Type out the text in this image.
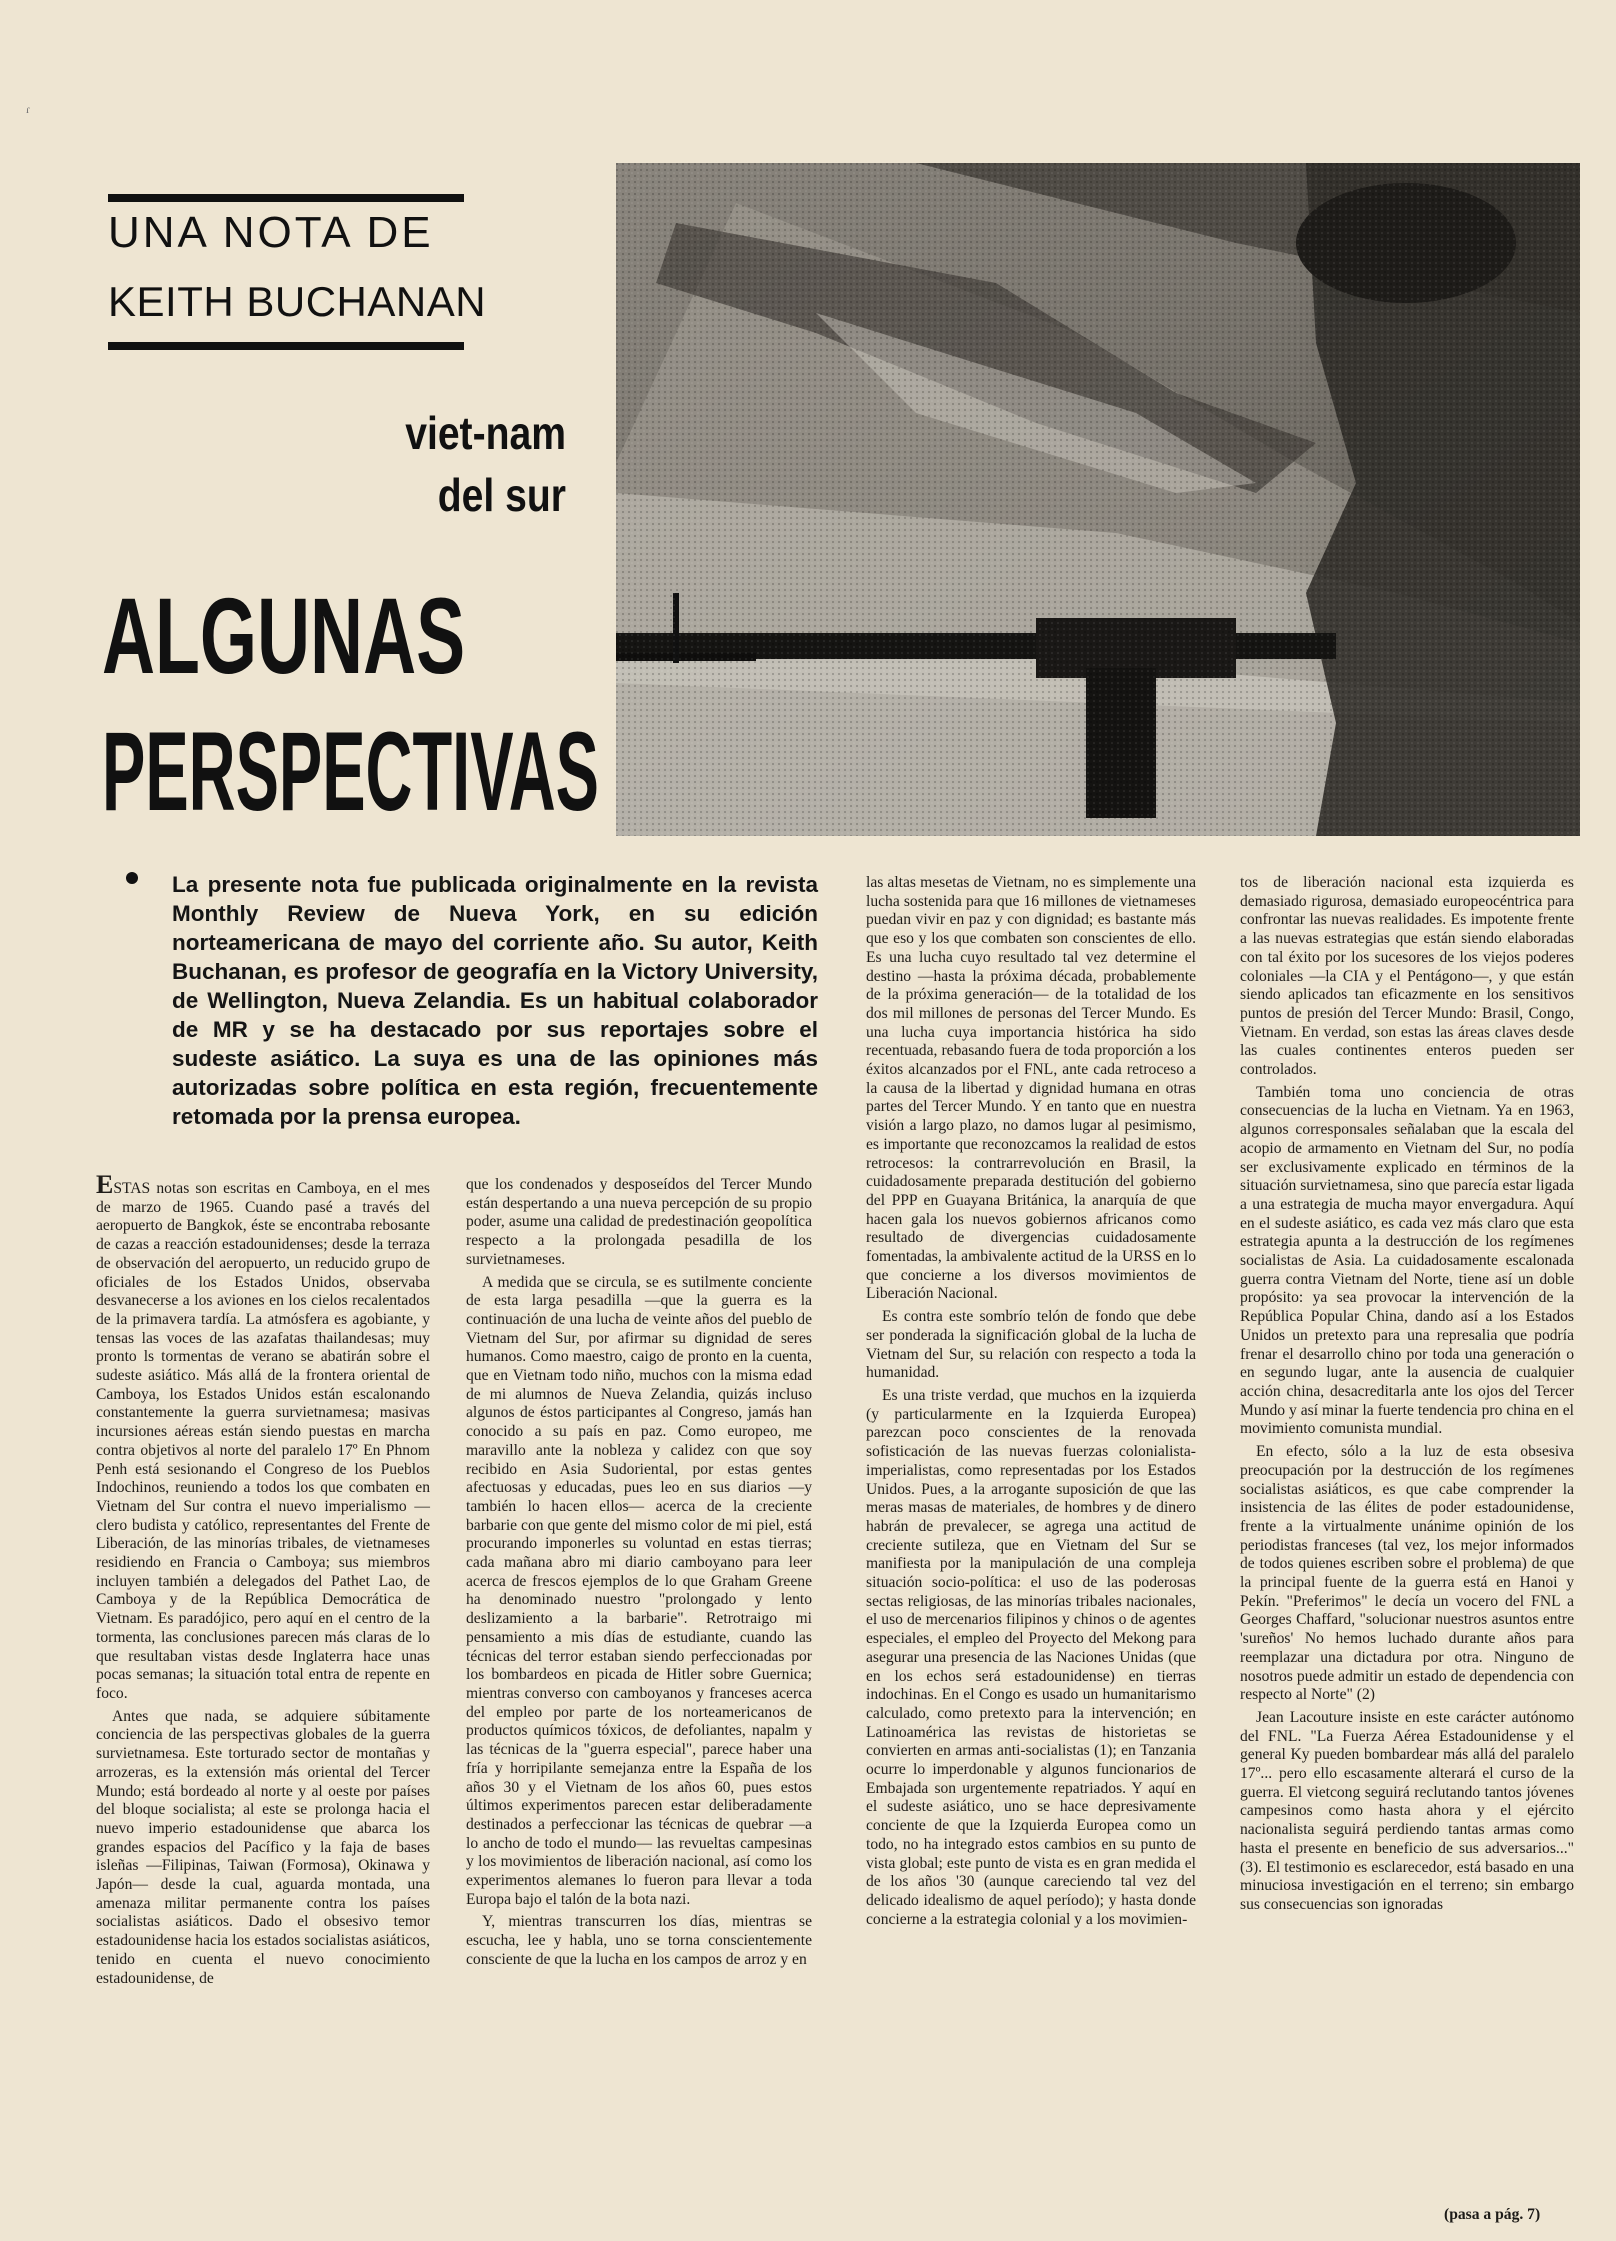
ɾ
UNA NOTA DE
KEITH BUCHANAN
viet-nam
del sur
ALGUNAS
PERSPECTIVAS

La presente nota fue publicada originalmente en la revista Monthly Review de Nueva York, en su edición norteamericana de mayo del corriente año. Su autor, Keith Buchanan, es profesor de geografía en la Victory University, de Wellington, Nueva Zelandia. Es un habitual colaborador de MR y se ha destacado por sus reportajes sobre el sudeste asiático. La suya es una de las opiniones más autorizadas sobre política en esta región, frecuentemente retomada por la prensa europea.

ESTAS notas son escritas en Camboya, en el mes de marzo de 1965. Cuando pasé a través del aeropuerto de Bangkok, éste se encontraba rebosante de cazas a reacción estadounidenses; desde la terraza de observación del aeropuerto, un reducido grupo de oficiales de los Estados Unidos, observaba desvanecerse a los aviones en los cielos recalentados de la primavera tardía. La atmósfera es agobiante, y tensas las voces de las azafatas thailandesas; muy pronto ls tormentas de verano se abatirán sobre el sudeste asiático. Más allá de la frontera oriental de Camboya, los Estados Unidos están escalonando constantemente la guerra survietnamesa; masivas incursiones aéreas están siendo puestas en marcha contra objetivos al norte del paralelo 17º En Phnom Penh está sesionando el Congreso de los Pueblos Indochinos, reuniendo a todos los que combaten en Vietnam del Sur contra el nuevo imperialismo —clero budista y católico, representantes del Frente de Liberación, de las minorías tribales, de vietnameses residiendo en Francia o Camboya; sus miembros incluyen también a delegados del Pathet Lao, de Camboya y de la República Democrática de Vietnam. Es paradójico, pero aquí en el centro de la tormenta, las conclusiones parecen más claras de lo que resultaban vistas desde Inglaterra hace unas pocas semanas; la situación total entra de repente en foco.

Antes que nada, se adquiere súbitamente conciencia de las perspectivas globales de la guerra survietnamesa. Este torturado sector de montañas y arrozeras, es la extensión más oriental del Tercer Mundo; está bordeado al norte y al oeste por países del bloque socialista; al este se prolonga hacia el nuevo imperio estadounidense que abarca los grandes espacios del Pacífico y la faja de bases isleñas —Filipinas, Taiwan (Formosa), Okinawa y Japón— desde la cual, aguarda montada, una amenaza militar permanente contra los países socialistas asiáticos. Dado el obsesivo temor estadounidense hacia los estados socialistas asiáticos, tenido en cuenta el nuevo conocimiento estadounidense, de

que los condenados y desposeídos del Tercer Mundo están despertando a una nueva percepción de su propio poder, asume una calidad de predestinación geopolítica respecto a la prolongada pesadilla de los survietnameses.

A medida que se circula, se es sutilmente conciente de esta larga pesadilla —que la guerra es la continuación de una lucha de veinte años del pueblo de Vietnam del Sur, por afirmar su dignidad de seres humanos. Como maestro, caigo de pronto en la cuenta, que en Vietnam todo niño, muchos con la misma edad de mi alumnos de Nueva Zelandia, quizás incluso algunos de éstos participantes al Congreso, jamás han conocido a su país en paz. Como europeo, me maravillo ante la nobleza y calidez con que soy recibido en Asia Sudoriental, por estas gentes afectuosas y educadas, pues leo en sus diarios —y también lo hacen ellos— acerca de la creciente barbarie con que gente del mismo color de mi piel, está procurando imponerles su voluntad en estas tierras; cada mañana abro mi diario camboyano para leer acerca de frescos ejemplos de lo que Graham Greene ha denominado nuestro "prolongado y lento deslizamiento a la barbarie". Retrotraigo mi pensamiento a mis días de estudiante, cuando las técnicas del terror estaban siendo perfeccionadas por los bombardeos en picada de Hitler sobre Guernica; mientras converso con camboyanos y franceses acerca del empleo por parte de los norteamericanos de productos químicos tóxicos, de defoliantes, napalm y las técnicas de la "guerra especial", parece haber una fría y horripilante semejanza entre la España de los años 30 y el Vietnam de los años 60, pues estos últimos experimentos parecen estar deliberadamente destinados a perfeccionar las técnicas de quebrar —a lo ancho de todo el mundo— las revueltas campesinas y los movimientos de liberación nacional, así como los experimentos alemanes lo fueron para llevar a toda Europa bajo el talón de la bota nazi.

Y, mientras transcurren los días, mientras se escucha, lee y habla, uno se torna conscientemente consciente de que la lucha en los campos de arroz y en

las altas mesetas de Vietnam, no es simplemente una lucha sostenida para que 16 millones de vietnameses puedan vivir en paz y con dignidad; es bastante más que eso y los que combaten son conscientes de ello. Es una lucha cuyo resultado tal vez determine el destino —hasta la próxima década, probablemente de la próxima generación— de la totalidad de los dos mil millones de personas del Tercer Mundo. Es una lucha cuya importancia histórica ha sido recentuada, rebasando fuera de toda proporción a los éxitos alcanzados por el FNL, ante cada retroceso a la causa de la libertad y dignidad humana en otras partes del Tercer Mundo. Y en tanto que en nuestra visión a largo plazo, no damos lugar al pesimismo, es importante que reconozcamos la realidad de estos retrocesos: la contrarrevolución en Brasil, la cuidadosamente preparada destitución del gobierno del PPP en Guayana Británica, la anarquía de que hacen gala los nuevos gobiernos africanos como resultado de divergencias cuidadosamente fomentadas, la ambivalente actitud de la URSS en lo que concierne a los diversos movimientos de Liberación Nacional.

Es contra este sombrío telón de fondo que debe ser ponderada la significación global de la lucha de Vietnam del Sur, su relación con respecto a toda la humanidad.

Es una triste verdad, que muchos en la izquierda (y particularmente en la Izquierda Europea) parezcan poco conscientes de la renovada sofisticación de las nuevas fuerzas colonialista-imperialistas, como representadas por los Estados Unidos. Pues, a la arrogante suposición de que las meras masas de materiales, de hombres y de dinero habrán de prevalecer, se agrega una actitud de creciente sutileza, que en Vietnam del Sur se manifiesta por la manipulación de una compleja situación socio-política: el uso de las poderosas sectas religiosas, de las minorías tribales nacionales, el uso de mercenarios filipinos y chinos o de agentes especiales, el empleo del Proyecto del Mekong para asegurar una presencia de las Naciones Unidas (que en los echos será estadounidense) en tierras indochinas. En el Congo es usado un humanitarismo calculado, como pretexto para la intervención; en Latinoamérica las revistas de historietas se convierten en armas anti-socialistas (1); en Tanzania ocurre lo imperdonable y algunos funcionarios de Embajada son urgentemente repatriados. Y aquí en el sudeste asiático, uno se hace depresivamente conciente de que la Izquierda Europea como un todo, no ha integrado estos cambios en su punto de vista global; este punto de vista es en gran medida el de los años '30 (aunque careciendo tal vez del delicado idealismo de aquel período); y hasta donde concierne a la estrategia colonial y a los movimien-

tos de liberación nacional esta izquierda es demasiado rigurosa, demasiado europeocéntrica para confrontar las nuevas realidades. Es impotente frente a las nuevas estrategias que están siendo elaboradas con tal éxito por los sucesores de los viejos poderes coloniales —la CIA y el Pentágono—, y que están siendo aplicados tan eficazmente en los sensitivos puntos de presión del Tercer Mundo: Brasil, Congo, Vietnam. En verdad, son estas las áreas claves desde las cuales continentes enteros pueden ser controlados.

También toma uno conciencia de otras consecuencias de la lucha en Vietnam. Ya en 1963, algunos corresponsales señalaban que la escala del acopio de armamento en Vietnam del Sur, no podía ser exclusivamente explicado en términos de la situación survietnamesa, sino que parecía estar ligada a una estrategia de mucha mayor envergadura. Aquí en el sudeste asiático, es cada vez más claro que esta estrategia apunta a la destrucción de los regímenes socialistas de Asia. La cuidadosamente escalonada guerra contra Vietnam del Norte, tiene así un doble propósito: ya sea provocar la intervención de la República Popular China, dando así a los Estados Unidos un pretexto para una represalia que podría frenar el desarrollo chino por toda una generación o en segundo lugar, ante la ausencia de cualquier acción china, desacreditarla ante los ojos del Tercer Mundo y así minar la fuerte tendencia pro china en el movimiento comunista mundial.

En efecto, sólo a la luz de esta obsesiva preocupación por la destrucción de los regímenes socialistas asiáticos, es que cabe comprender la insistencia de las élites de poder estadounidense, frente a la virtualmente unánime opinión de los periodistas franceses (tal vez, los mejor informados de todos quienes escriben sobre el problema) de que la principal fuente de la guerra está en Hanoi y Pekín. "Preferimos" le decía un vocero del FNL a Georges Chaffard, "solucionar nuestros asuntos entre 'sureños' No hemos luchado durante años para reemplazar una dictadura por otra. Ninguno de nosotros puede admitir un estado de dependencia con respecto al Norte" (2)

Jean Lacouture insiste en este carácter autónomo del FNL. "La Fuerza Aérea Estadounidense y el general Ky pueden bombardear más allá del paralelo 17º... pero ello escasamente alterará el curso de la guerra. El vietcong seguirá reclutando tantos jóvenes campesinos como hasta ahora y el ejército nacionalista seguirá perdiendo tantas armas como hasta el presente en beneficio de sus adversarios..." (3). El testimonio es esclarecedor, está basado en una minuciosa investigación en el terreno; sin embargo sus consecuencias son ignoradas

(pasa a pág. 7)
